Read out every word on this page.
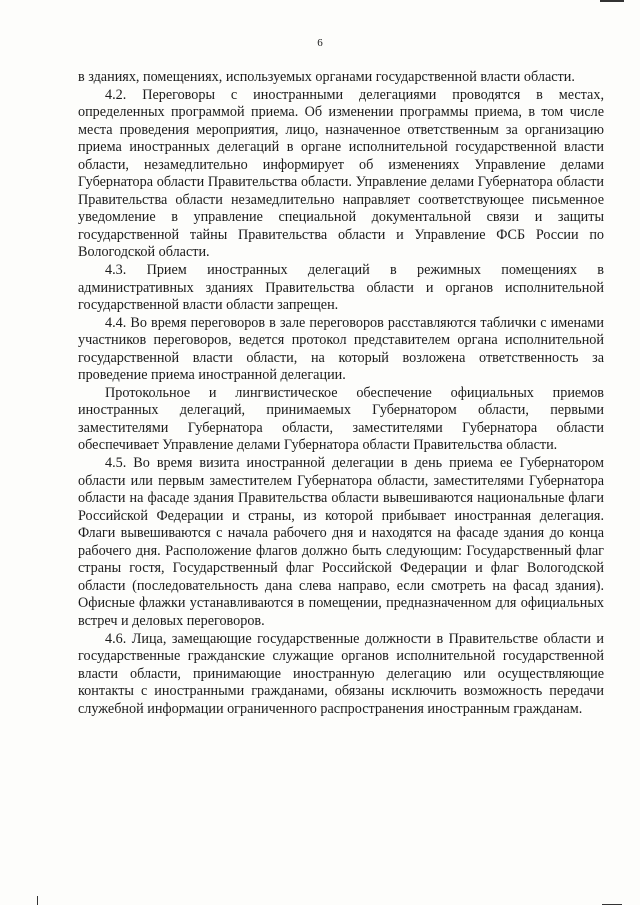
6

в зданиях, помещениях, используемых органами государственной власти области.

4.2. Переговоры с иностранными делегациями проводятся в местах, определенных программой приема. Об изменении программы приема, в том числе места проведения мероприятия, лицо, назначенное ответственным за организацию приема иностранных делегаций в органе исполнительной государственной власти области, незамедлительно информирует об изменениях Управление делами Губернатора области Правительства области. Управление делами Губернатора области Правительства области незамедлительно направляет соответствующее письменное уведомление в управление специальной документальной связи и защиты государственной тайны Правительства области и Управление ФСБ России по Вологодской области.

4.3. Прием иностранных делегаций в режимных помещениях в административных зданиях Правительства области и органов исполнительной государственной власти области запрещен.

4.4. Во время переговоров в зале переговоров расставляются таблички с именами участников переговоров, ведется протокол представителем органа исполнительной государственной власти области, на который возложена ответственность за проведение приема иностранной делегации.

Протокольное и лингвистическое обеспечение официальных приемов иностранных делегаций, принимаемых Губернатором области, первыми заместителями Губернатора области, заместителями Губернатора области обеспечивает Управление делами Губернатора области Правительства области.

4.5. Во время визита иностранной делегации в день приема ее Губернатором области или первым заместителем Губернатора области, заместителями Губернатора области на фасаде здания Правительства области вывешиваются национальные флаги Российской Федерации и страны, из которой прибывает иностранная делегация. Флаги вывешиваются с начала рабочего дня и находятся на фасаде здания до конца рабочего дня. Расположение флагов должно быть следующим: Государственный флаг страны гостя, Государственный флаг Российской Федерации и флаг Вологодской области (последовательность дана слева направо, если смотреть на фасад здания). Офисные флажки устанавливаются в помещении, предназначенном для официальных встреч и деловых переговоров.

4.6. Лица, замещающие государственные должности в Правительстве области и государственные гражданские служащие органов исполнительной государственной власти области, принимающие иностранную делегацию или осуществляющие контакты с иностранными гражданами, обязаны исключить возможность передачи служебной информации ограниченного распространения иностранным гражданам.
